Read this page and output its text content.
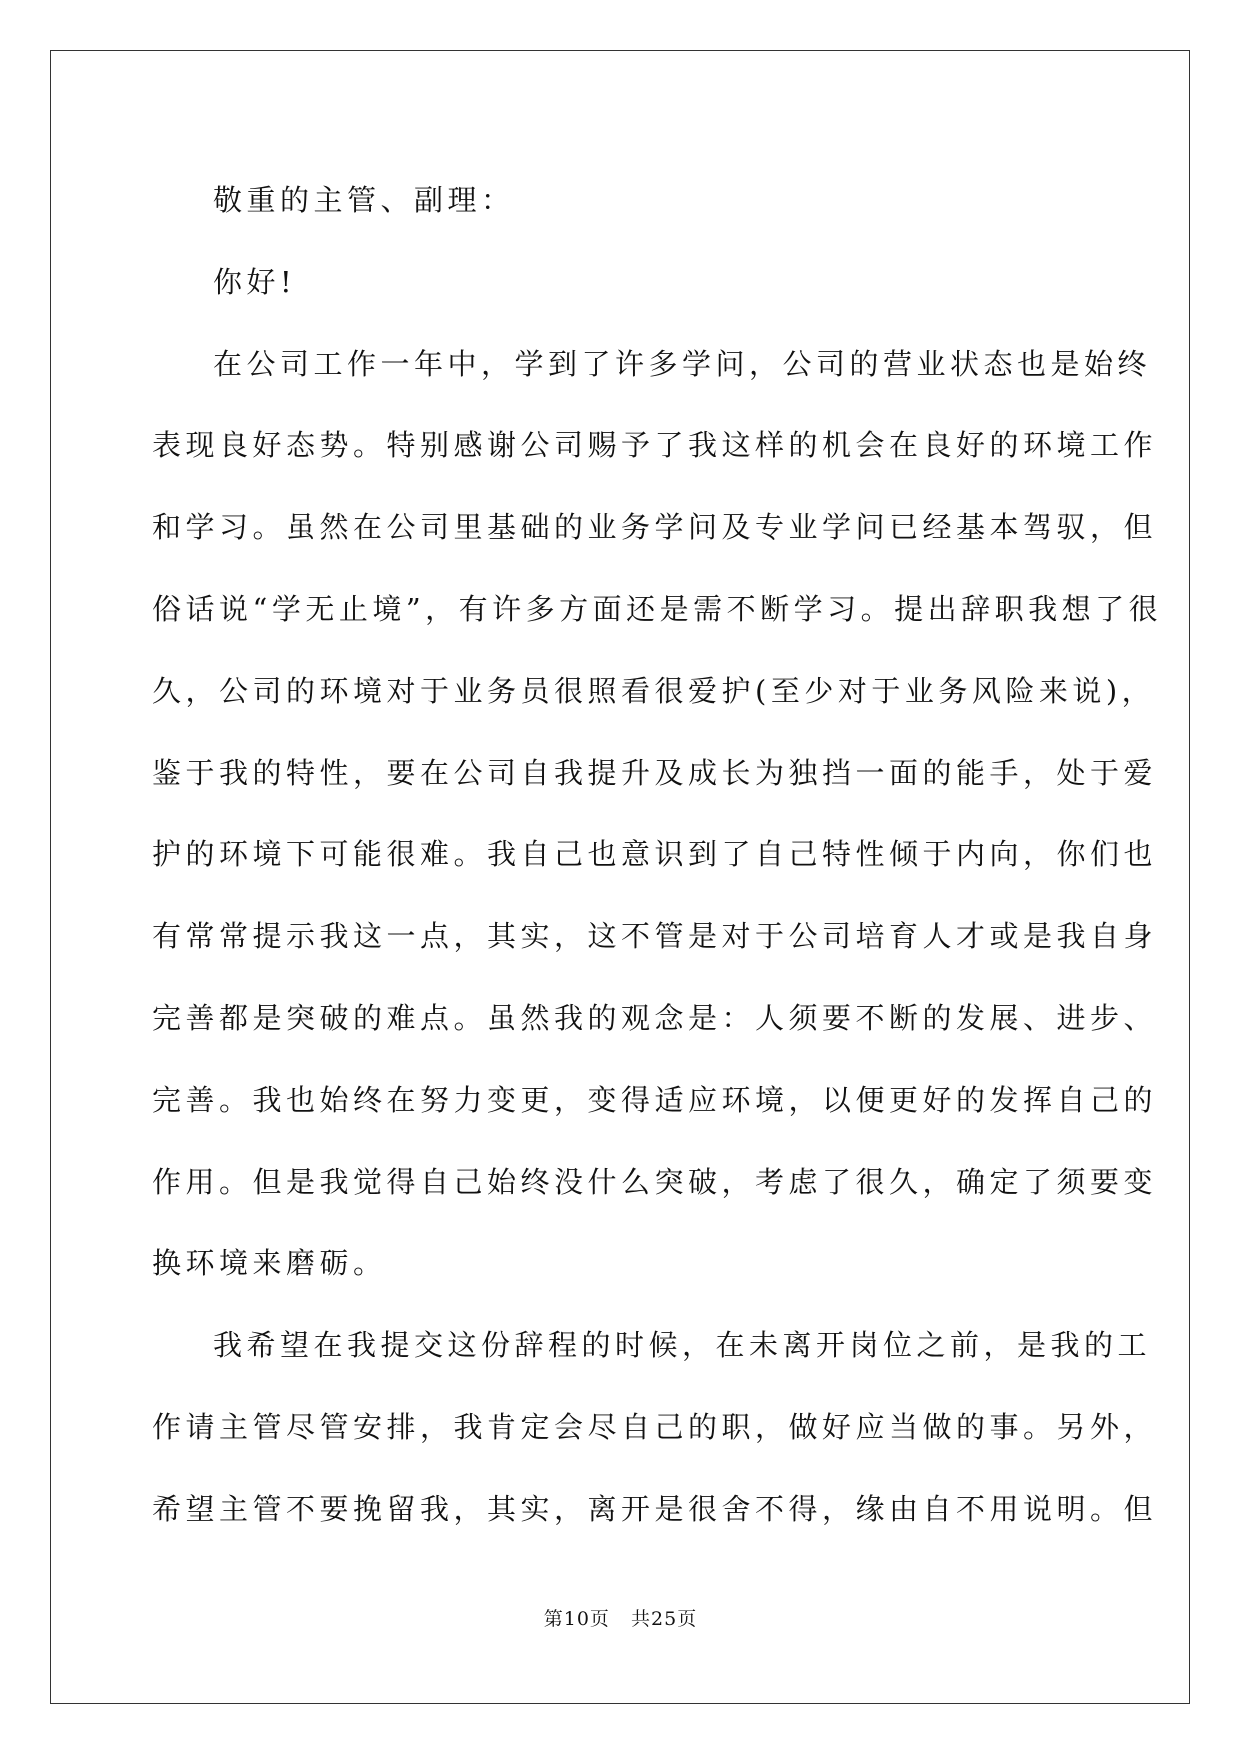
敬重的主管、副理：

你好!

在公司工作一年中，学到了许多学问，公司的营业状态也是始终
表现良好态势。特别感谢公司赐予了我这样的机会在良好的环境工作
和学习。虽然在公司里基础的业务学问及专业学问已经基本驾驭，但
俗话说“学无止境”，有许多方面还是需不断学习。提出辞职我想了很
久，公司的环境对于业务员很照看很爱护(至少对于业务风险来说)，
鉴于我的特性，要在公司自我提升及成长为独挡一面的能手，处于爱
护的环境下可能很难。我自己也意识到了自己特性倾于内向，你们也
有常常提示我这一点，其实，这不管是对于公司培育人才或是我自身
完善都是突破的难点。虽然我的观念是：人须要不断的发展、进步、
完善。我也始终在努力变更，变得适应环境，以便更好的发挥自己的
作用。但是我觉得自己始终没什么突破，考虑了很久，确定了须要变
换环境来磨砺。

我希望在我提交这份辞程的时候，在未离开岗位之前，是我的工
作请主管尽管安排，我肯定会尽自己的职，做好应当做的事。另外，
希望主管不要挽留我，其实，离开是很舍不得，缘由自不用说明。但

第10页   共25页
